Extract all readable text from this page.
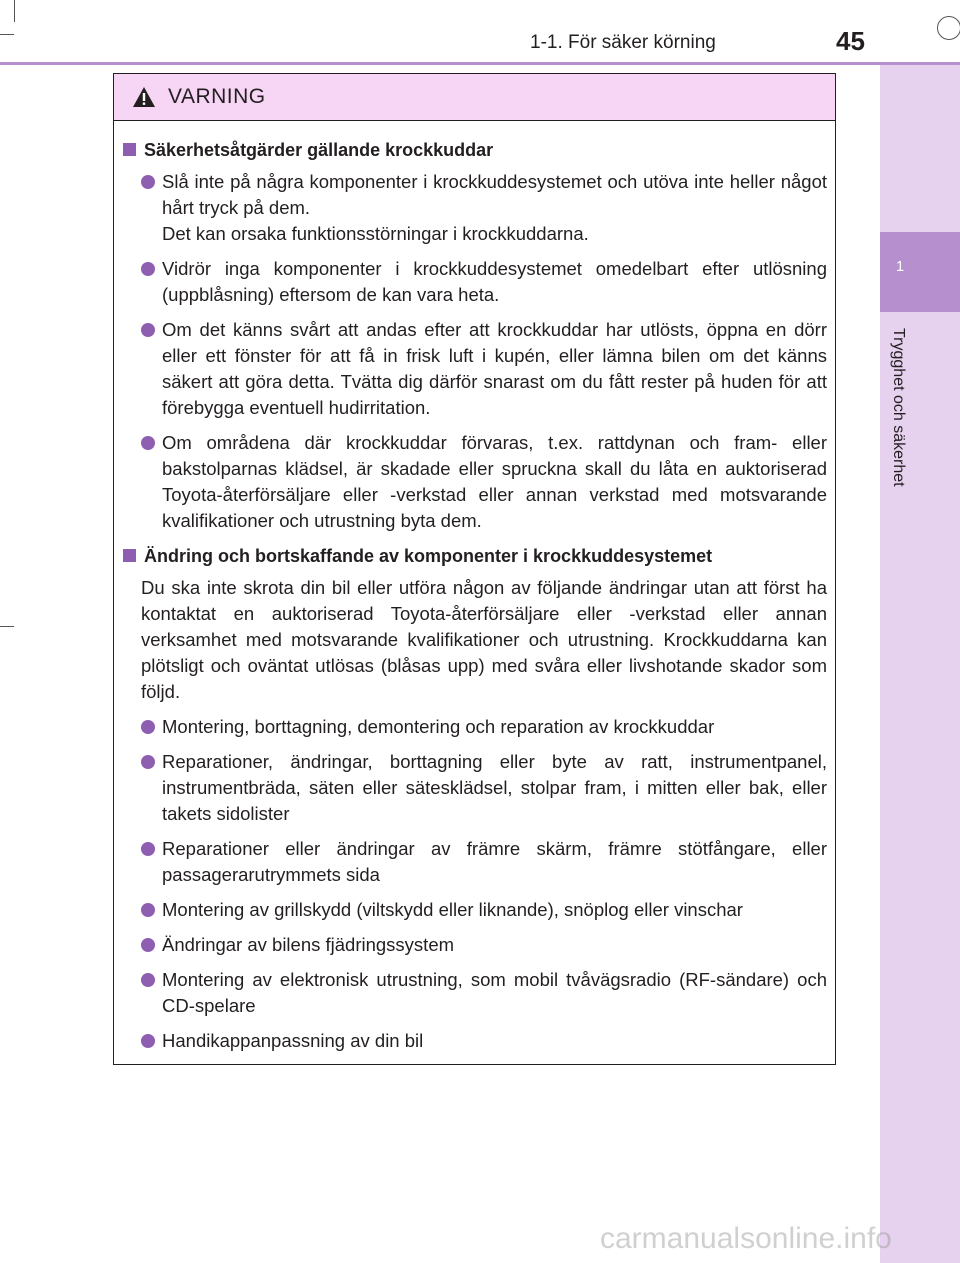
1-1. För säker körning	45
1
Trygghet och säkerhet
VARNING
Säkerhetsåtgärder gällande krockkuddar
Slå inte på några komponenter i krockkuddesystemet och utöva inte heller något hårt tryck på dem.
Det kan orsaka funktionsstörningar i krockkuddarna.
Vidrör inga komponenter i krockkuddesystemet omedelbart efter utlösning (uppblåsning) eftersom de kan vara heta.
Om det känns svårt att andas efter att krockkuddar har utlösts, öppna en dörr eller ett fönster för att få in frisk luft i kupén, eller lämna bilen om det känns säkert att göra detta. Tvätta dig därför snarast om du fått rester på huden för att förebygga eventuell hudirritation.
Om områdena där krockkuddar förvaras, t.ex. rattdynan och fram- eller bakstolparnas klädsel, är skadade eller spruckna skall du låta en auktoriserad Toyota-återförsäljare eller -verkstad eller annan verkstad med motsvarande kvalifikationer och utrustning byta dem.
Ändring och bortskaffande av komponenter i krockkuddesystemet
Du ska inte skrota din bil eller utföra någon av följande ändringar utan att först ha kontaktat en auktoriserad Toyota-återförsäljare eller -verkstad eller annan verksamhet med motsvarande kvalifikationer och utrustning. Krockkuddarna kan plötsligt och oväntat utlösas (blåsas upp) med svåra eller livshotande skador som följd.
Montering, borttagning, demontering och reparation av krockkuddar
Reparationer, ändringar, borttagning eller byte av ratt, instrumentpanel, instrumentbräda, säten eller sätesklädsel, stolpar fram, i mitten eller bak, eller takets sidolister
Reparationer eller ändringar av främre skärm, främre stötfångare, eller passagerarutrymmets sida
Montering av grillskydd (viltskydd eller liknande), snöplog eller vinschar
Ändringar av bilens fjädringssystem
Montering av elektronisk utrustning, som mobil tvåvägsradio (RF-sändare) och CD-spelare
Handikappanpassning av din bil
carmanualsonline.info
